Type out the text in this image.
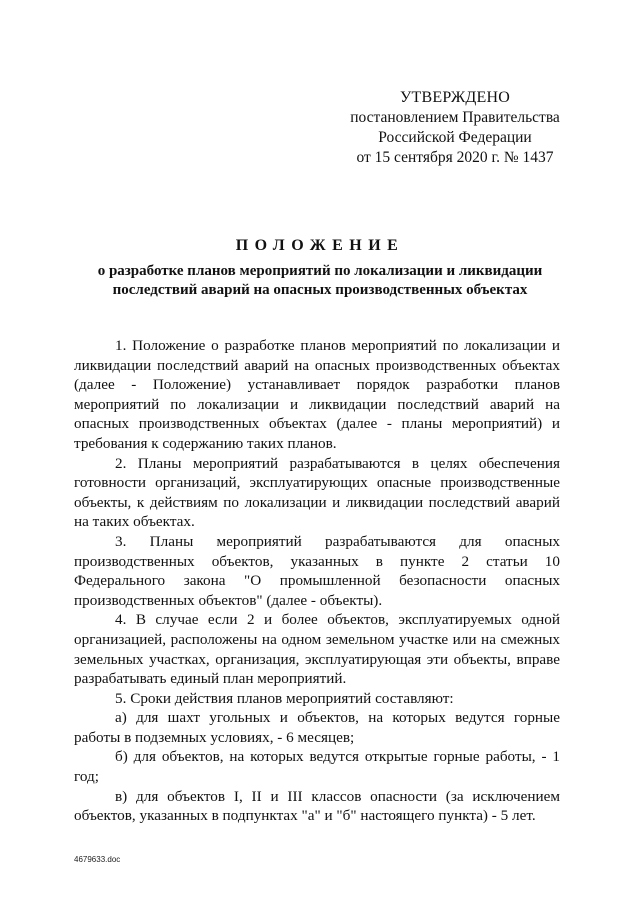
УТВЕРЖДЕНО
постановлением Правительства
Российской Федерации
от 15 сентября 2020 г. № 1437
ПОЛОЖЕНИЕ
о разработке планов мероприятий по локализации и ликвидации
последствий аварий на опасных производственных объектах

1. Положение о разработке планов мероприятий по локализации и ликвидации последствий аварий на опасных производственных объектах (далее - Положение) устанавливает порядок разработки планов мероприятий по локализации и ликвидации последствий аварий на опасных производственных объектах (далее - планы мероприятий) и требования к содержанию таких планов.

2. Планы мероприятий разрабатываются в целях обеспечения готовности организаций, эксплуатирующих опасные производственные объекты, к действиям по локализации и ликвидации последствий аварий на таких объектах.

3. Планы мероприятий разрабатываются для опасных производственных объектов, указанных в пункте 2 статьи 10 Федерального закона "О промышленной безопасности опасных производственных объектов" (далее - объекты).

4. В случае если 2 и более объектов, эксплуатируемых одной организацией, расположены на одном земельном участке или на смежных земельных участках, организация, эксплуатирующая эти объекты, вправе разрабатывать единый план мероприятий.

5. Сроки действия планов мероприятий составляют:

а) для шахт угольных и объектов, на которых ведутся горные работы в подземных условиях, - 6 месяцев;

б) для объектов, на которых ведутся открытые горные работы, - 1 год;

в) для объектов I, II и III классов опасности (за исключением объектов, указанных в подпунктах "а" и "б" настоящего пункта) - 5 лет.

4679633.doc
